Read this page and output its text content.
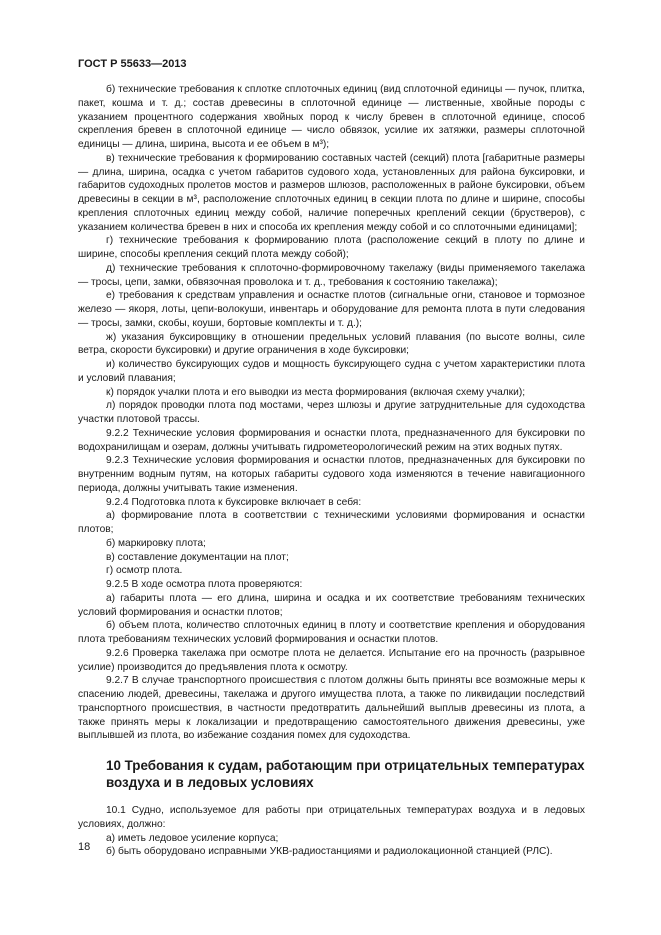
ГОСТ Р 55633—2013

б) технические требования к сплотке сплоточных единиц (вид сплоточной единицы — пучок, плитка, пакет, кошма и т. д.; состав древесины в сплоточной единице — лиственные, хвойные породы с указанием процентного содержания хвойных пород к числу бревен в сплоточной единице, способ скрепления бревен в сплоточной единице — число обвязок, усилие их затяжки, размеры сплоточной единицы — длина, ширина, высота и ее объем в м³);

в) технические требования к формированию составных частей (секций) плота [габаритные размеры — длина, ширина, осадка с учетом габаритов судового хода, установленных для района буксировки, и габаритов судоходных пролетов мостов и размеров шлюзов, расположенных в районе буксировки, объем древесины в секции в м³, расположение сплоточных единиц в секции плота по длине и ширине, способы крепления сплоточных единиц между собой, наличие поперечных креплений секции (брустверов), с указанием количества бревен в них и способа их крепления между собой и со сплоточными единицами];

г) технические требования к формированию плота (расположение секций в плоту по длине и ширине, способы крепления секций плота между собой);

д) технические требования к сплоточно-формировочному такелажу (виды применяемого такелажа — тросы, цепи, замки, обвязочная проволока и т. д., требования к состоянию такелажа);

е) требования к средствам управления и оснастке плотов (сигнальные огни, становое и тормозное железо — якоря, лоты, цепи-волокуши, инвентарь и оборудование для ремонта плота в пути следования — тросы, замки, скобы, коуши, бортовые комплекты и т. д.);

ж) указания буксировщику в отношении предельных условий плавания (по высоте волны, силе ветра, скорости буксировки) и другие ограничения в ходе буксировки;

и) количество буксирующих судов и мощность буксирующего судна с учетом характеристики плота и условий плавания;

к) порядок учалки плота и его выводки из места формирования (включая схему учалки);

л) порядок проводки плота под мостами, через шлюзы и другие затруднительные для судоходства участки плотовой трассы.

9.2.2 Технические условия формирования и оснастки плота, предназначенного для буксировки по водохранилищам и озерам, должны учитывать гидрометеорологический режим на этих водных путях.

9.2.3 Технические условия формирования и оснастки плотов, предназначенных для буксировки по внутренним водным путям, на которых габариты судового хода изменяются в течение навигационного периода, должны учитывать такие изменения.

9.2.4 Подготовка плота к буксировке включает в себя:

а) формирование плота в соответствии с техническими условиями формирования и оснастки плотов;

б) маркировку плота;

в) составление документации на плот;

г) осмотр плота.

9.2.5 В ходе осмотра плота проверяются:

а) габариты плота — его длина, ширина и осадка и их соответствие требованиям технических условий формирования и оснастки плотов;

б) объем плота, количество сплоточных единиц в плоту и соответствие крепления и оборудования плота требованиям технических условий формирования и оснастки плотов.

9.2.6 Проверка такелажа при осмотре плота не делается. Испытание его на прочность (разрывное усилие) производится до предъявления плота к осмотру.

9.2.7 В случае транспортного происшествия с плотом должны быть приняты все возможные меры к спасению людей, древесины, такелажа и другого имущества плота, а также по ликвидации последствий транспортного происшествия, в частности предотвратить дальнейший выплыв древесины из плота, а также принять меры к локализации и предотвращению самостоятельного движения древесины, уже выплывшей из плота, во избежание создания помех для судоходства.

10 Требования к судам, работающим при отрицательных температурах воздуха и в ледовых условиях

10.1 Судно, используемое для работы при отрицательных температурах воздуха и в ледовых условиях, должно:

а) иметь ледовое усиление корпуса;

б) быть оборудовано исправными УКВ-радиостанциями и радиолокационной станцией (РЛС).

18
